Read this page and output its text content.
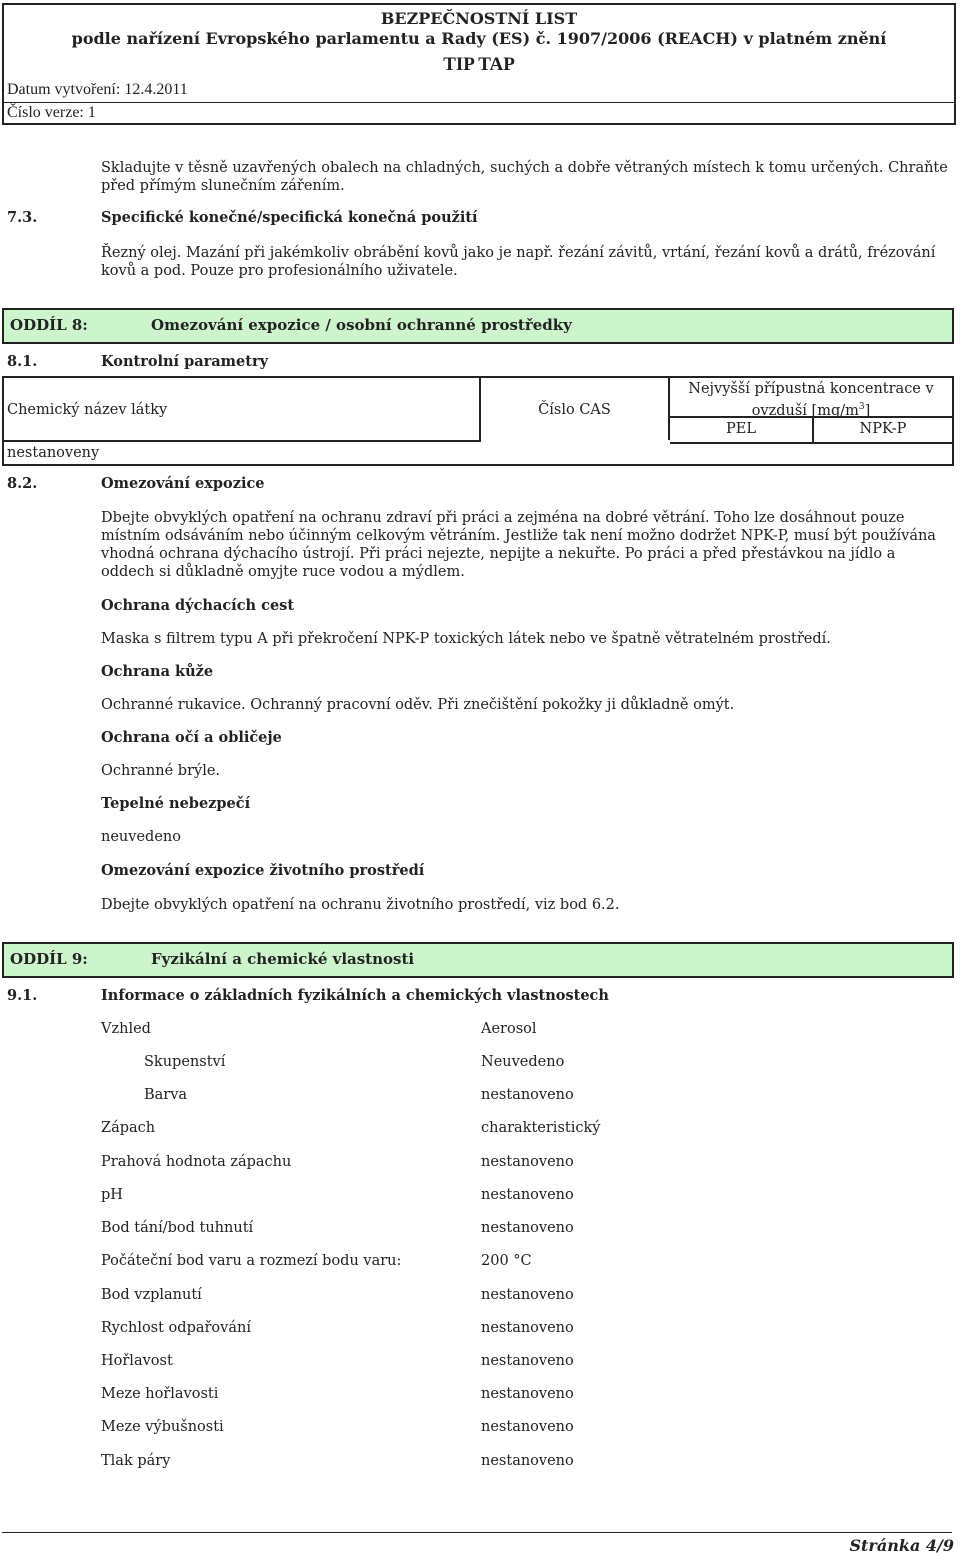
BEZPEČNOSTNÍ LIST
podle nařízení Evropského parlamentu a Rady (ES) č. 1907/2006 (REACH) v platném znění
TIP TAP
Datum vytvoření: 12.4.2011
Číslo verze: 1
Skladujte v těsně uzavřených obalech na chladných, suchých a dobře větraných místech k tomu určených. Chraňte před přímým slunečním zářením.
7.3.	Specifické konečné/specifická konečná použití
Řezný olej. Mazání při jakémkoliv obrábění kovů jako je např. řezání závitů, vrtání, řezání kovů a drátů, frézování kovů a pod. Pouze pro profesionálního uživatele.
ODDÍL 8:	Omezování expozice / osobní ochranné prostředky
8.1.	Kontrolní parametry
Chemický název látky	Číslo CAS
Nejvyšší přípustná koncentrace v
ovzduší $[mg/m^3]$
PEL	NPK-P
nestanoveny
8.2.	Omezování expozice
Dbejte obvyklých opatření na ochranu zdraví při práci a zejména na dobré větrání. Toho lze dosáhnout pouze místním odsáváním nebo účinným celkovým větráním. Jestliže tak není možno dodržet NPK-P, musí být používána vhodná ochrana dýchacího ústrojí. Při práci nejezte, nepijte a nekuřte. Po práci a před přestávkou na jídlo a oddech si důkladně omyjte ruce vodou a mýdlem.
Ochrana dýchacích cest
Maska s filtrem typu A při překročení NPK-P toxických látek nebo ve špatně větratelném prostředí.
Ochrana kůže
Ochranné rukavice. Ochranný pracovní oděv. Při znečištění pokožky ji důkladně omýt.
Ochrana očí a obličeje
Ochranné brýle.
Tepelné nebezpečí
neuvedeno
Omezování expozice životního prostředí
Dbejte obvyklých opatření na ochranu životního prostředí, viz bod 6.2.
ODDÍL 9:	Fyzikální a chemické vlastnosti
9.1.	Informace o základních fyzikálních a chemických vlastnostech
Vzhled	Aerosol
Skupenství	Neuvedeno
Barva	nestanoveno
Zápach	charakteristický
Prahová hodnota zápachu	nestanoveno
pH	nestanoveno
Bod tání/bod tuhnutí	nestanoveno
Počáteční bod varu a rozmezí bodu varu:	200 °C
Bod vzplanutí	nestanoveno
Rychlost odpařování	nestanoveno
Hořlavost	nestanoveno
Meze hořlavosti	nestanoveno
Meze výbušnosti	nestanoveno
Tlak páry	nestanoveno
Stránka 4/9
